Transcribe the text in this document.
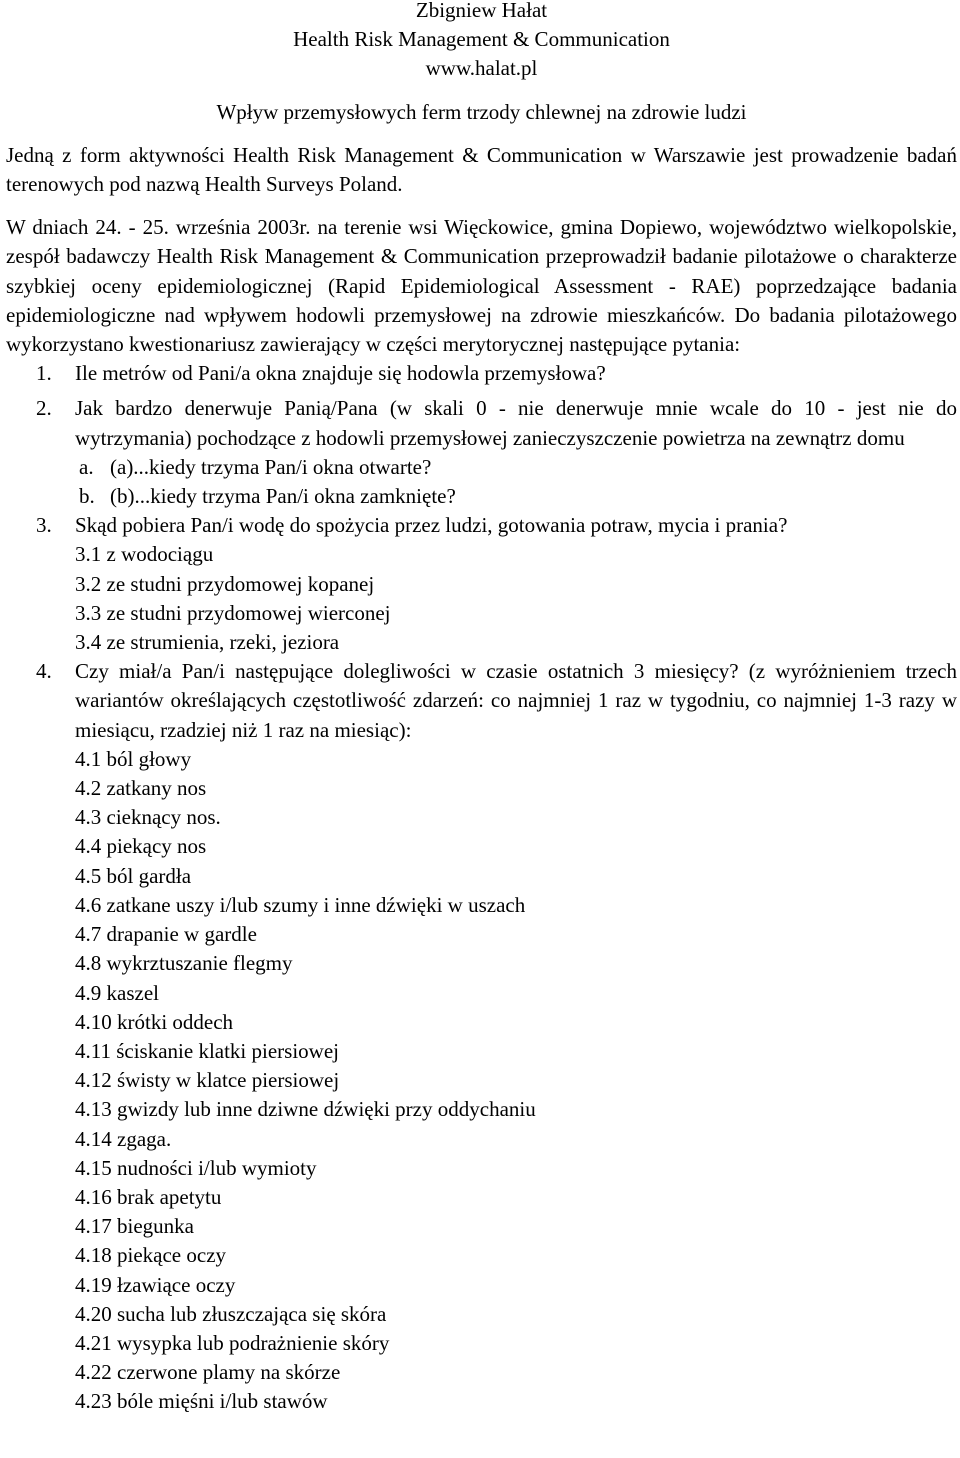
Zbigniew Hałat
Health Risk Management & Communication
www.halat.pl
Wpływ przemysłowych ferm trzody chlewnej na zdrowie ludzi

Jedną z form aktywności Health Risk Management & Communication w Warszawie jest prowadzenie badań terenowych pod nazwą Health Surveys Poland.

W dniach 24. - 25. września 2003r. na terenie wsi Więckowice, gmina Dopiewo, województwo wielkopolskie, zespół badawczy Health Risk Management & Communication przeprowadził badanie pilotażowe o charakterze szybkiej oceny epidemiologicznej (Rapid Epidemiological Assessment - RAE) poprzedzające badania epidemiologiczne nad wpływem hodowli przemysłowej na zdrowie mieszkańców. Do badania pilotażowego wykorzystano kwestionariusz zawierający w części merytorycznej następujące pytania:

1.	Ile metrów od Pani/a okna znajduje się hodowla przemysłowa?
2.	Jak bardzo denerwuje Panią/Pana (w skali 0 - nie denerwuje mnie wcale do 10 - jest nie do wytrzymania) pochodzące z hodowli przemysłowej zanieczyszczenie powietrza na zewnątrz domu
a. (a)...kiedy trzyma Pan/i okna otwarte?
b. (b)...kiedy trzyma Pan/i okna zamknięte?
3.	Skąd pobiera Pan/i wodę do spożycia przez ludzi, gotowania potraw, mycia i prania?
3.1 z wodociągu
3.2 ze studni przydomowej kopanej
3.3 ze studni przydomowej wierconej
3.4 ze strumienia, rzeki, jeziora
4.	Czy miał/a Pan/i następujące dolegliwości w czasie ostatnich 3 miesięcy? (z wyróżnieniem trzech wariantów określających częstotliwość zdarzeń: co najmniej 1 raz w tygodniu, co najmniej 1-3 razy w miesiącu, rzadziej niż 1 raz na miesiąc):
4.1 ból głowy
4.2 zatkany nos
4.3 cieknący nos.
4.4 piekący nos
4.5 ból gardła
4.6 zatkane uszy i/lub szumy i inne dźwięki w uszach
4.7 drapanie w gardle
4.8 wykrztuszanie flegmy
4.9 kaszel
4.10 krótki oddech
4.11 ściskanie klatki piersiowej
4.12 świsty w klatce piersiowej
4.13 gwizdy lub inne dziwne dźwięki przy oddychaniu
4.14 zgaga.
4.15 nudności i/lub wymioty
4.16 brak apetytu
4.17 biegunka
4.18 piekące oczy
4.19 łzawiące oczy
4.20 sucha lub złuszczająca się skóra
4.21 wysypka lub podrażnienie skóry
4.22 czerwone plamy na skórze
4.23 bóle mięśni i/lub stawów
